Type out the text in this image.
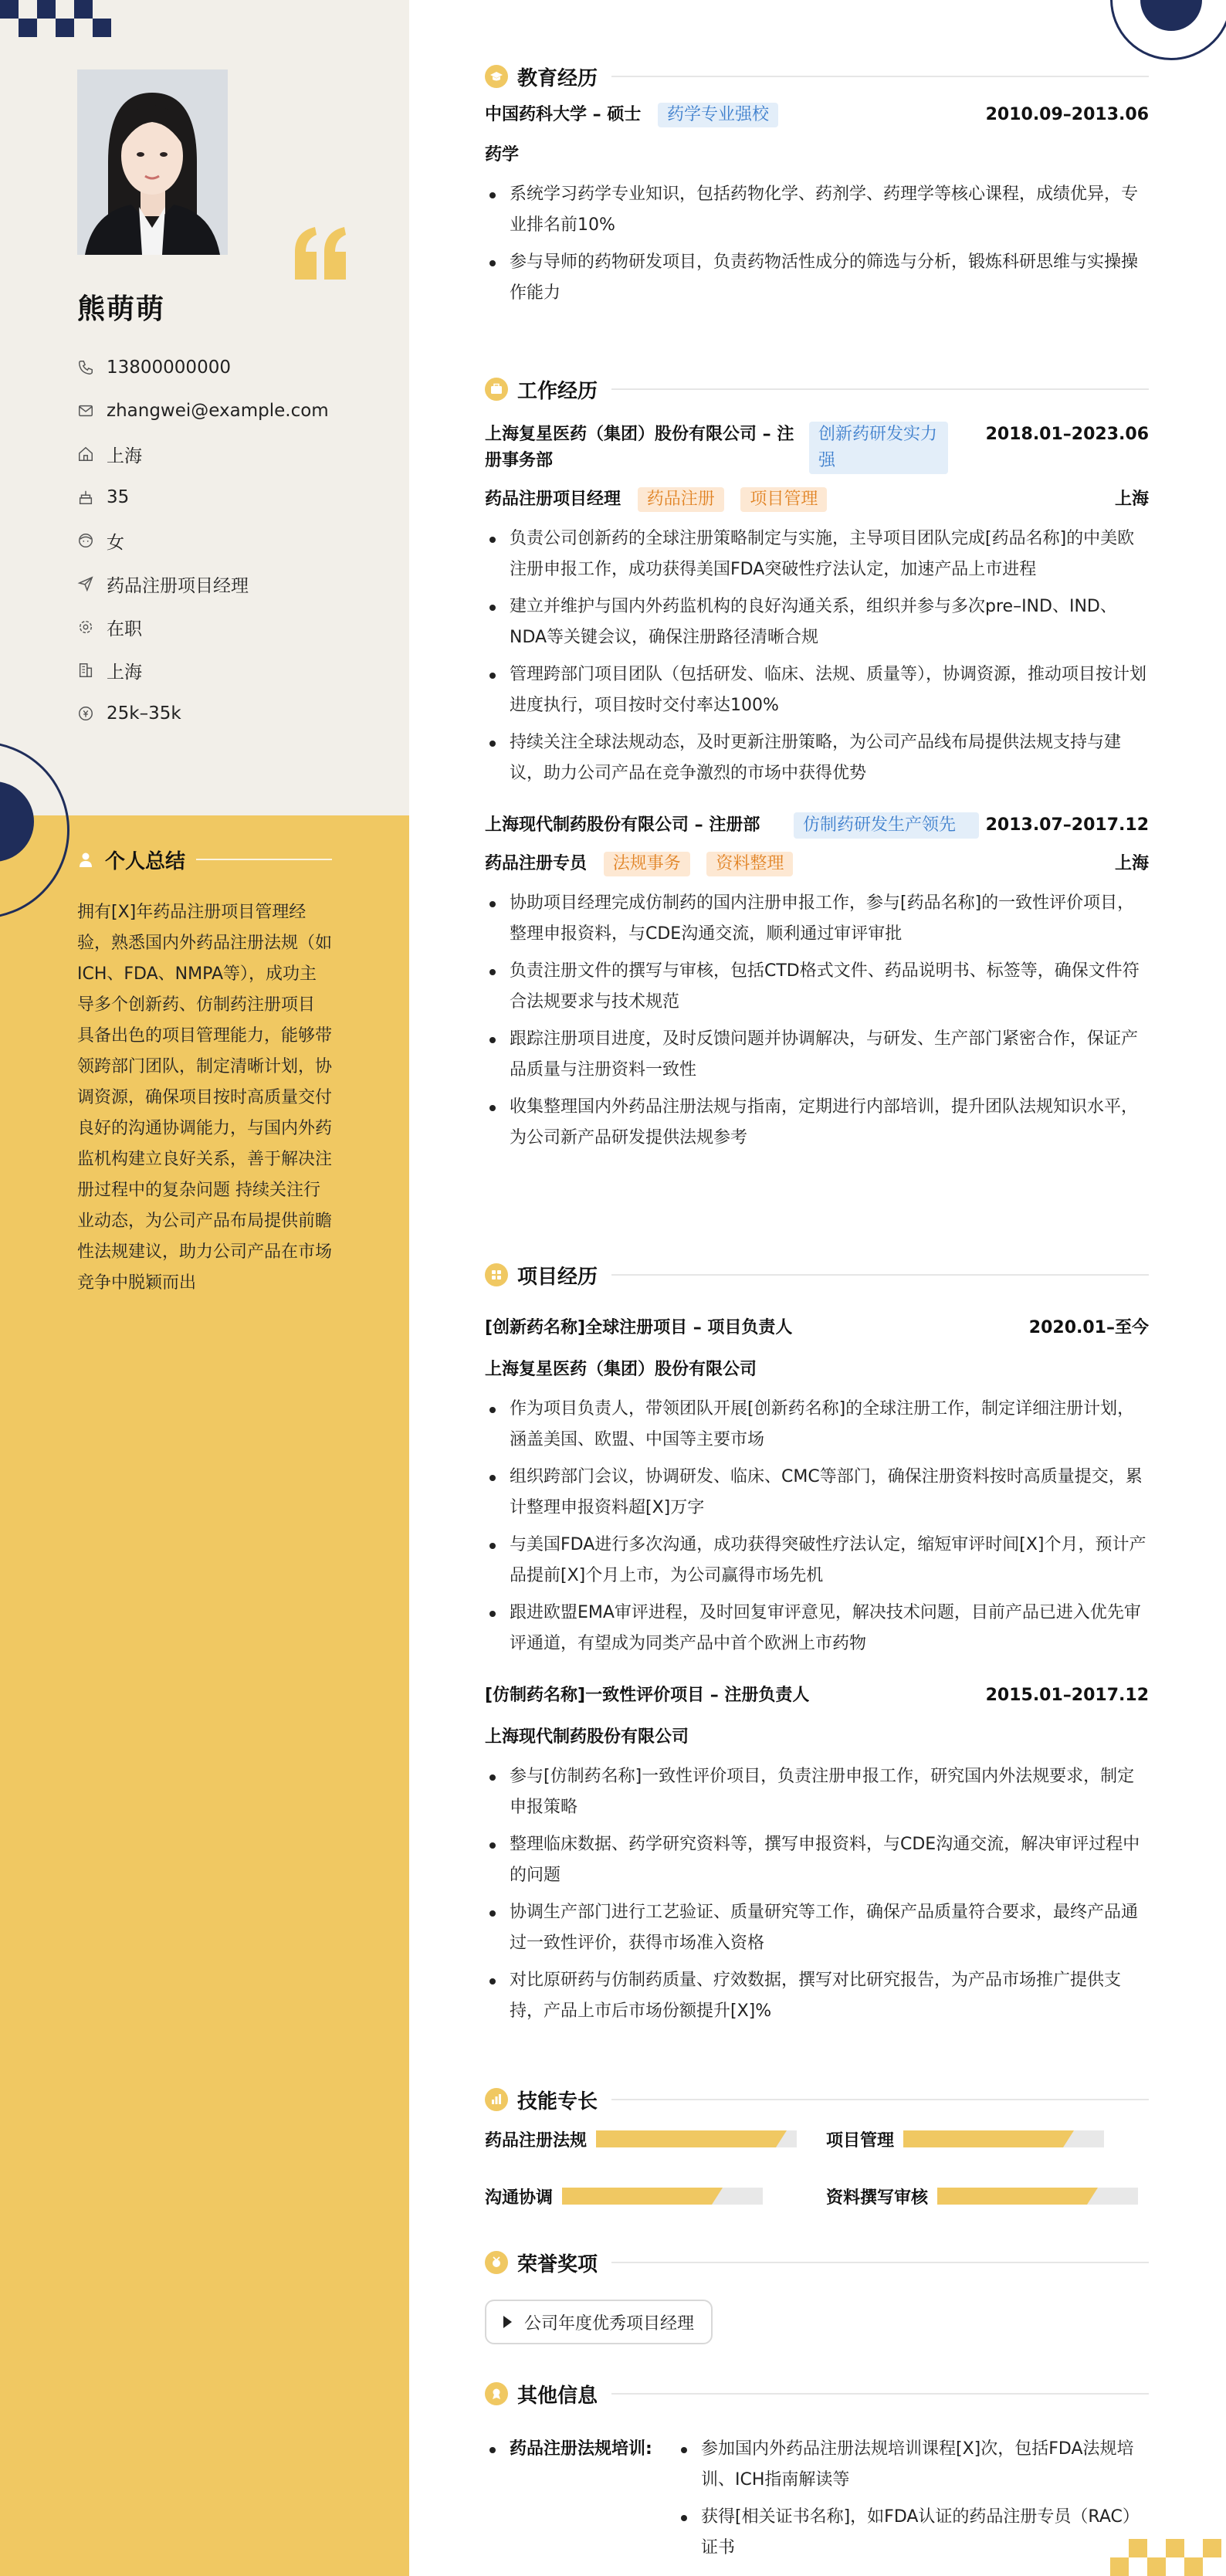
熊萌萌
13800000000
zhangwei@example.com
上海
35
女
药品注册项目经理
在职
上海
25k–35k
个人总结
拥有[X]年药品注册项目管理经验，熟悉国内外药品注册法规（如ICH、FDA、NMPA等），成功主导多个创新药、仿制药注册项目 具备出色的项目管理能力，能够带领跨部门团队，制定清晰计划，协调资源，确保项目按时高质量交付 良好的沟通协调能力，与国内外药监机构建立良好关系，善于解决注册过程中的复杂问题 持续关注行业动态，为公司产品布局提供前瞻性法规建议，助力公司产品在市场竞争中脱颖而出
教育经历
中国药科大学 – 硕士 药学专业强校	2010.09–2013.06
药学
系统学习药学专业知识，包括药物化学、药剂学、药理学等核心课程，成绩优异，专业排名前10%
参与导师的药物研发项目，负责药物活性成分的筛选与分析，锻炼科研思维与实操操作能力
工作经历
上海复星医药（集团）股份有限公司 – 注册事务部
创新药研发实力强
2018.01–2023.06
药品注册项目经理 药品注册 项目管理	上海
负责公司创新药的全球注册策略制定与实施，主导项目团队完成[药品名称]的中美欧注册申报工作，成功获得美国FDA突破性疗法认定，加速产品上市进程
建立并维护与国内外药监机构的良好沟通关系，组织并参与多次pre–IND、IND、NDA等关键会议，确保注册路径清晰合规
管理跨部门项目团队（包括研发、临床、法规、质量等），协调资源，推动项目按计划进度执行，项目按时交付率达100%
持续关注全球法规动态，及时更新注册策略，为公司产品线布局提供法规支持与建议，助力公司产品在竞争激烈的市场中获得优势
上海现代制药股份有限公司 – 注册部	仿制药研发生产领先	2013.07–2017.12
药品注册专员 法规事务 资料整理	上海
协助项目经理完成仿制药的国内注册申报工作，参与[药品名称]的一致性评价项目，整理申报资料，与CDE沟通交流，顺利通过审评审批
负责注册文件的撰写与审核，包括CTD格式文件、药品说明书、标签等，确保文件符合法规要求与技术规范
跟踪注册项目进度，及时反馈问题并协调解决，与研发、生产部门紧密合作，保证产品质量与注册资料一致性
收集整理国内外药品注册法规与指南，定期进行内部培训，提升团队法规知识水平，为公司新产品研发提供法规参考
项目经历
[创新药名称]全球注册项目 – 项目负责人	2020.01–至今
上海复星医药（集团）股份有限公司
作为项目负责人，带领团队开展[创新药名称]的全球注册工作，制定详细注册计划，涵盖美国、欧盟、中国等主要市场
组织跨部门会议，协调研发、临床、CMC等部门，确保注册资料按时高质量提交，累计整理申报资料超[X]万字
与美国FDA进行多次沟通，成功获得突破性疗法认定，缩短审评时间[X]个月，预计产品提前[X]个月上市，为公司赢得市场先机
跟进欧盟EMA审评进程，及时回复审评意见，解决技术问题，目前产品已进入优先审评通道，有望成为同类产品中首个欧洲上市药物
[仿制药名称]一致性评价项目 – 注册负责人	2015.01–2017.12
上海现代制药股份有限公司
参与[仿制药名称]一致性评价项目，负责注册申报工作，研究国内外法规要求，制定申报策略
整理临床数据、药学研究资料等，撰写申报资料，与CDE沟通交流，解决审评过程中的问题
协调生产部门进行工艺验证、质量研究等工作，确保产品质量符合要求，最终产品通过一致性评价，获得市场准入资格
对比原研药与仿制药质量、疗效数据，撰写对比研究报告，为产品市场推广提供支持，产品上市后市场份额提升[X]%
技能专长
药品注册法规	项目管理
沟通协调	资料撰写审核
荣誉奖项
公司年度优秀项目经理
其他信息
药品注册法规培训:	参加国内外药品注册法规培训课程[X]次，包括FDA法规培训、ICH指南解读等
获得[相关证书名称]，如FDA认证的药品注册专员（RAC）证书
